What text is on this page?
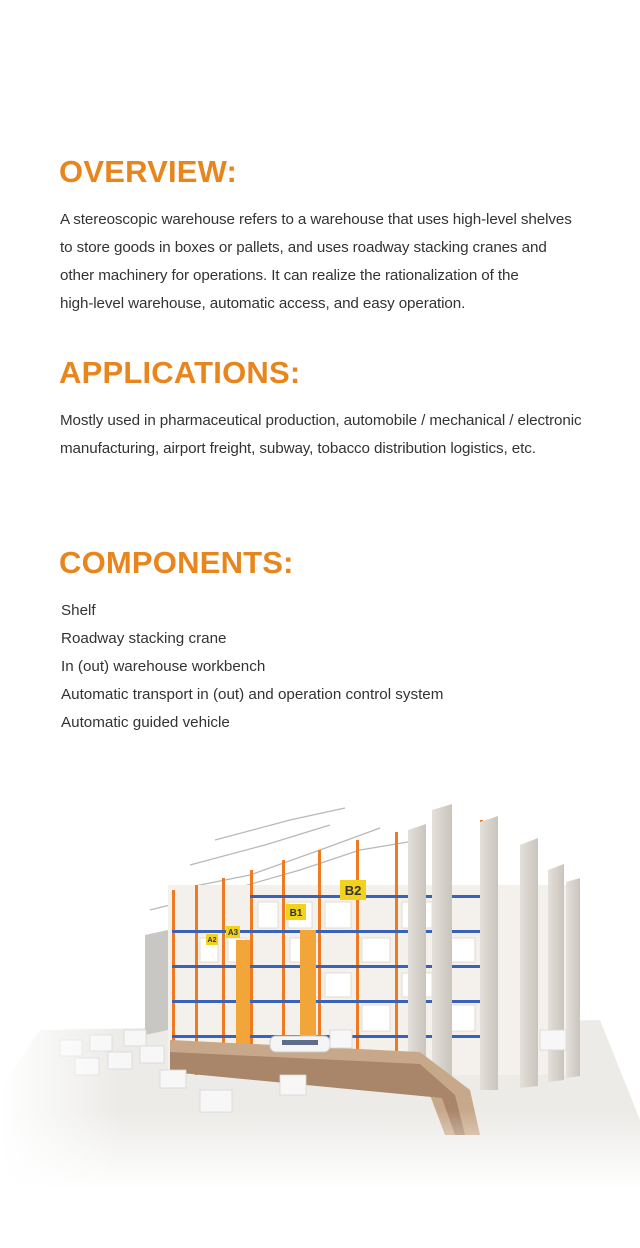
OVERVIEW:

A stereoscopic warehouse refers to a warehouse that uses high-level shelves
to store goods in boxes or pallets, and uses roadway stacking cranes and
other machinery for operations. It can realize the rationalization of the
high-level warehouse, automatic access, and easy operation.

APPLICATIONS:

Mostly used in pharmaceutical production, automobile / mechanical / electronic
manufacturing, airport freight, subway, tobacco distribution logistics, etc.

COMPONENTS:
Shelf
Roadway stacking crane
In (out) warehouse workbench
Automatic transport in (out) and operation control system
Automatic guided vehicle
A3
A2
B1
B2
